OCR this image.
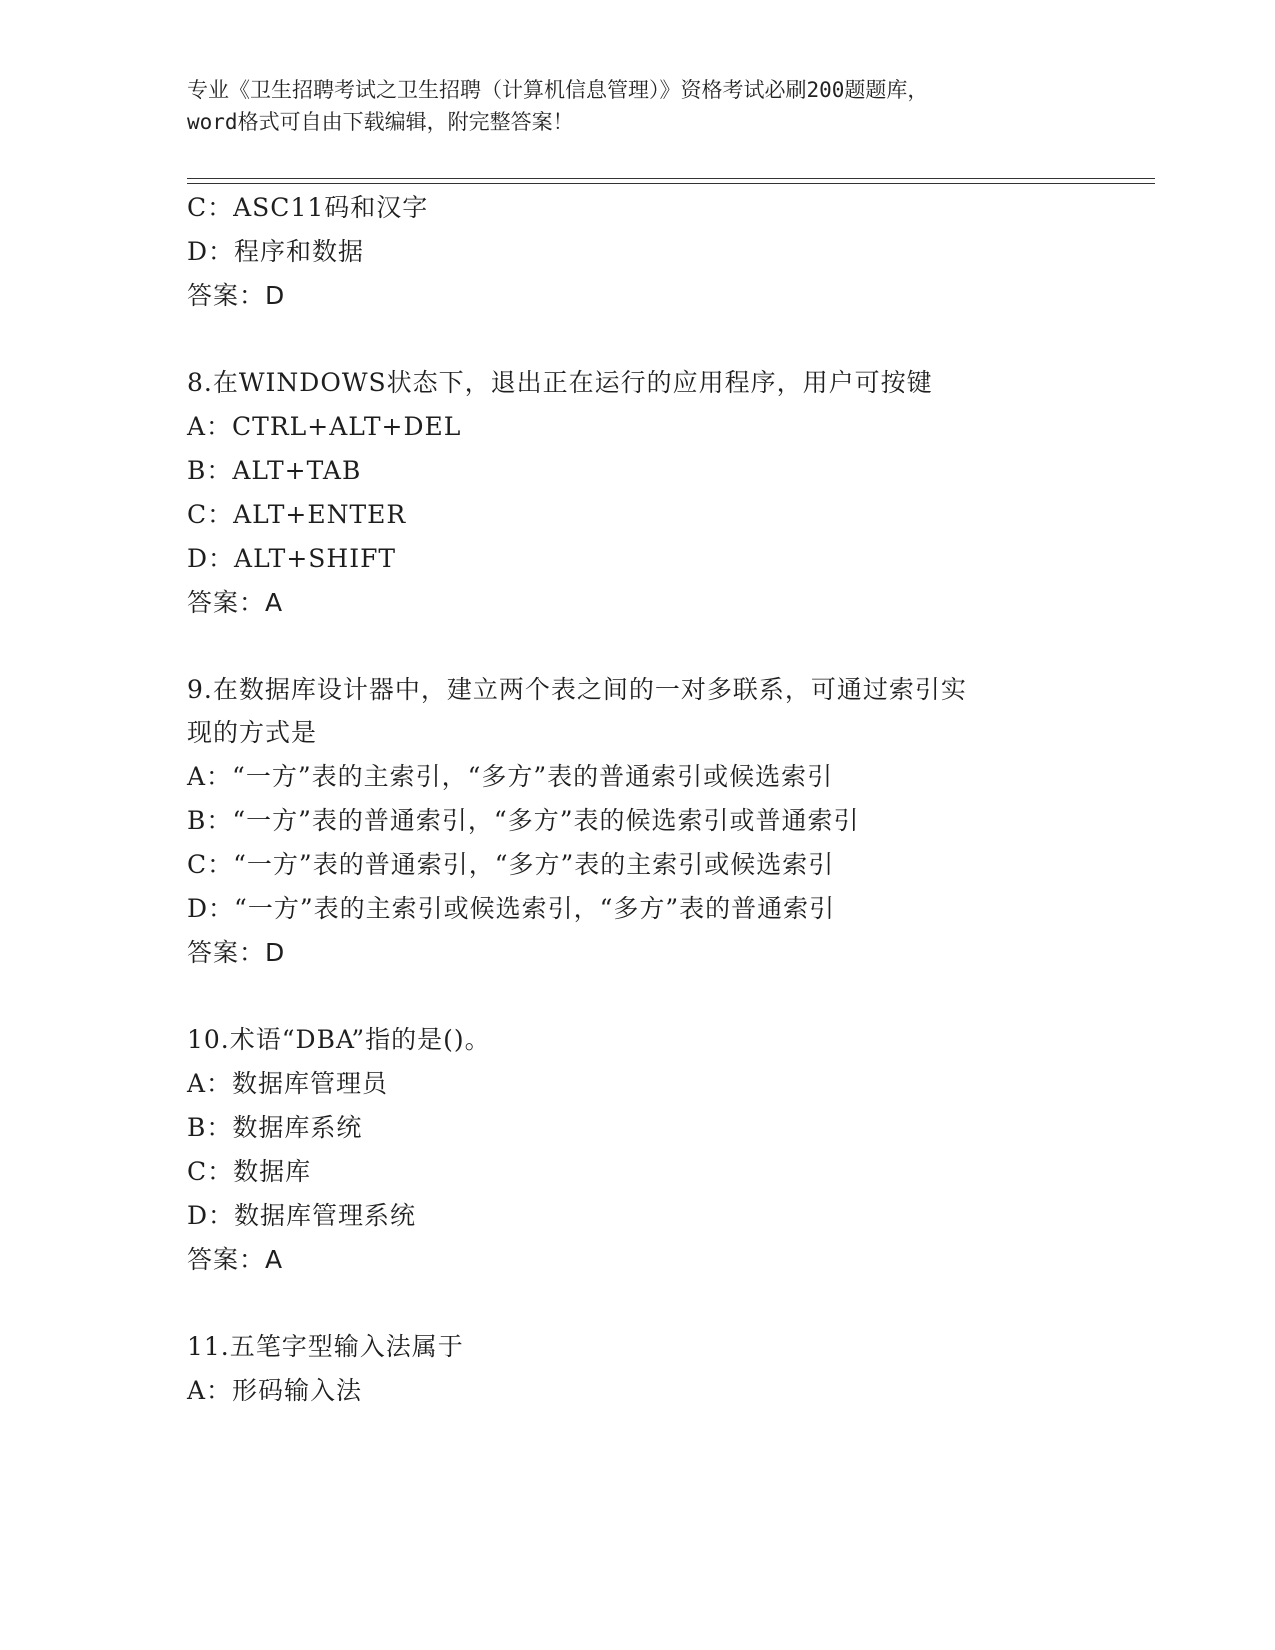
专业《卫生招聘考试之卫生招聘（计算机信息管理）》资格考试必刷200题题库，
word格式可自由下载编辑，附完整答案！
C：ASC11码和汉字
D：程序和数据
答案：D
8.在WINDOWS状态下，退出正在运行的应用程序，用户可按键
A：CTRL+ALT+DEL
B：ALT+TAB
C：ALT+ENTER
D：ALT+SHIFT
答案：A
9.在数据库设计器中，建立两个表之间的一对多联系，可通过索引实
现的方式是
A：“一方”表的主索引，“多方”表的普通索引或候选索引
B：“一方”表的普通索引，“多方”表的候选索引或普通索引
C：“一方”表的普通索引，“多方”表的主索引或候选索引
D：“一方”表的主索引或候选索引，“多方”表的普通索引
答案：D
10.术语“DBA”指的是()。
A：数据库管理员
B：数据库系统
C：数据库
D：数据库管理系统
答案：A
11.五笔字型输入法属于
A：形码输入法
